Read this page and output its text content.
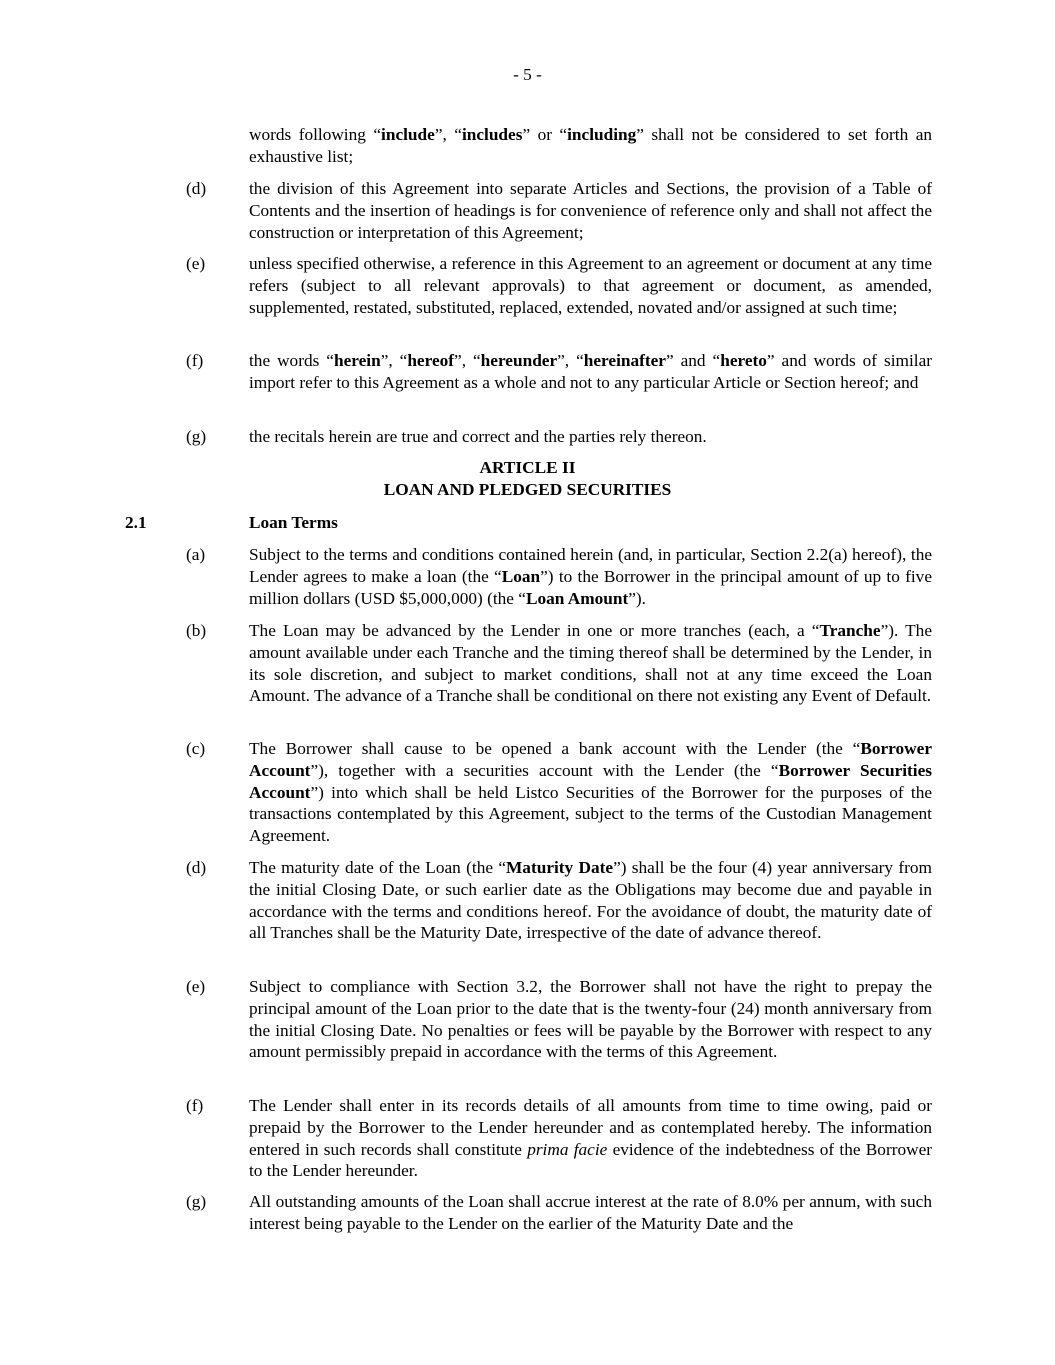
- 5 -
words following “include”, “includes” or “including” shall not be considered to set forth an exhaustive list;
(d) the division of this Agreement into separate Articles and Sections, the provision of a Table of Contents and the insertion of headings is for convenience of reference only and shall not affect the construction or interpretation of this Agreement;
(e)	unless specified otherwise, a reference in this Agreement to an agreement or document at any time refers (subject to all relevant approvals) to that agreement or document, as amended, supplemented, restated, substituted, replaced, extended, novated and/or assigned at such time;
(f)	the words “herein”, “hereof”, “hereunder”, “hereinafter” and “hereto” and words of similar import refer to this Agreement as a whole and not to any particular Article or Section hereof; and
(g) the recitals herein are true and correct and the parties rely thereon.
ARTICLE II
LOAN AND PLEDGED SECURITIES
2.1	Loan Terms
(a)	Subject to the terms and conditions contained herein (and, in particular, Section 2.2(a) hereof), the Lender agrees to make a loan (the “Loan”) to the Borrower in the principal amount of up to five million dollars (USD $5,000,000) (the “Loan Amount”).
(b) The Loan may be advanced by the Lender in one or more tranches (each, a “Tranche”). The amount available under each Tranche and the timing thereof shall be determined by the Lender, in its sole discretion, and subject to market conditions, shall not at any time exceed the Loan Amount. The advance of a Tranche shall be conditional on there not existing any Event of Default.
(c)	The Borrower shall cause to be opened a bank account with the Lender (the “Borrower Account”), together with a securities account with the Lender (the “Borrower Securities Account”) into which shall be held Listco Securities of the Borrower for the purposes of the transactions contemplated by this Agreement, subject to the terms of the Custodian Management Agreement.
(d) The maturity date of the Loan (the “Maturity Date”) shall be the four (4) year anniversary from the initial Closing Date, or such earlier date as the Obligations may become due and payable in accordance with the terms and conditions hereof. For the avoidance of doubt, the maturity date of all Tranches shall be the Maturity Date, irrespective of the date of advance thereof.
(e)	Subject to compliance with Section 3.2, the Borrower shall not have the right to prepay the principal amount of the Loan prior to the date that is the twenty-four (24) month anniversary from the initial Closing Date. No penalties or fees will be payable by the Borrower with respect to any amount permissibly prepaid in accordance with the terms of this Agreement.
(f)	The Lender shall enter in its records details of all amounts from time to time owing, paid or prepaid by the Borrower to the Lender hereunder and as contemplated hereby. The information entered in such records shall constitute prima facie evidence of the indebtedness of the Borrower to the Lender hereunder.
(g) All outstanding amounts of the Loan shall accrue interest at the rate of 8.0% per annum, with such interest being payable to the Lender on the earlier of the Maturity Date and the
